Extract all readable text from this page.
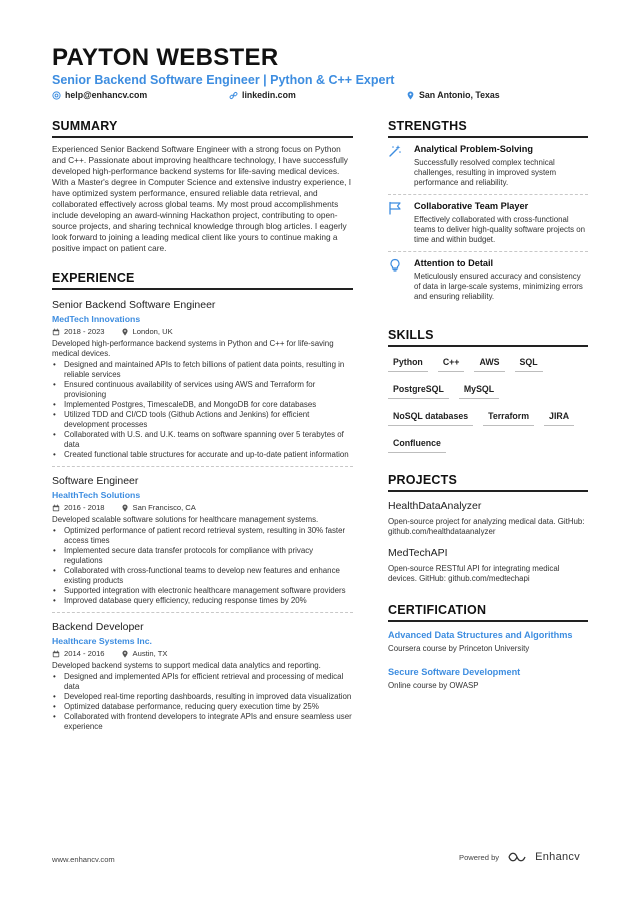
PAYTON WEBSTER
Senior Backend Software Engineer | Python & C++ Expert
help@enhancv.com	linkedin.com	San Antonio, Texas
SUMMARY
Experienced Senior Backend Software Engineer with a strong focus on Python and C++. Passionate about improving healthcare technology, I have successfully developed high-performance backend systems for life-saving medical devices. With a Master's degree in Computer Science and extensive industry experience, I have optimized system performance, ensured reliable data retrieval, and collaborated effectively across global teams. My most proud accomplishments include developing an award-winning Hackathon project, contributing to open-source projects, and sharing technical knowledge through blog articles. I eagerly look forward to joining a leading medical client like yours to continue making a positive impact on patient care.
EXPERIENCE
Senior Backend Software Engineer
MedTech Innovations
2018 - 2023	London, UK
Developed high-performance backend systems in Python and C++ for life-saving medical devices.
• Designed and maintained APIs to fetch billions of patient data points, resulting in reliable services
• Ensured continuous availability of services using AWS and Terraform for provisioning
• Implemented Postgres, TimescaleDB, and MongoDB for core databases
• Utilized TDD and CI/CD tools (Github Actions and Jenkins) for efficient development processes
• Collaborated with U.S. and U.K. teams on software spanning over 5 terabytes of data
• Created functional table structures for accurate and up-to-date patient information
Software Engineer
HealthTech Solutions
2016 - 2018	San Francisco, CA
Developed scalable software solutions for healthcare management systems.
• Optimized performance of patient record retrieval system, resulting in 30% faster access times
• Implemented secure data transfer protocols for compliance with privacy regulations
• Collaborated with cross-functional teams to develop new features and enhance existing products
• Supported integration with electronic healthcare management software providers
• Improved database query efficiency, reducing response times by 20%
Backend Developer
Healthcare Systems Inc.
2014 - 2016	Austin, TX
Developed backend systems to support medical data analytics and reporting.
• Designed and implemented APIs for efficient retrieval and processing of medical data
• Developed real-time reporting dashboards, resulting in improved data visualization
• Optimized database performance, reducing query execution time by 25%
• Collaborated with frontend developers to integrate APIs and ensure seamless user experience
STRENGTHS
Analytical Problem-Solving
Successfully resolved complex technical challenges, resulting in improved system performance and reliability.
Collaborative Team Player
Effectively collaborated with cross-functional teams to deliver high-quality software projects on time and within budget.
Attention to Detail
Meticulously ensured accuracy and consistency of data in large-scale systems, minimizing errors and ensuring reliability.
SKILLS
Python	C++	AWS	SQL
PostgreSQL	MySQL
NoSQL databases	Terraform	JIRA
Confluence
PROJECTS
HealthDataAnalyzer
Open-source project for analyzing medical data. GitHub: github.com/healthdataanalyzer
MedTechAPI
Open-source RESTful API for integrating medical devices. GitHub: github.com/medtechapi
CERTIFICATION
Advanced Data Structures and Algorithms
Coursera course by Princeton University
Secure Software Development
Online course by OWASP
www.enhancv.com	Powered by	Enhancv
